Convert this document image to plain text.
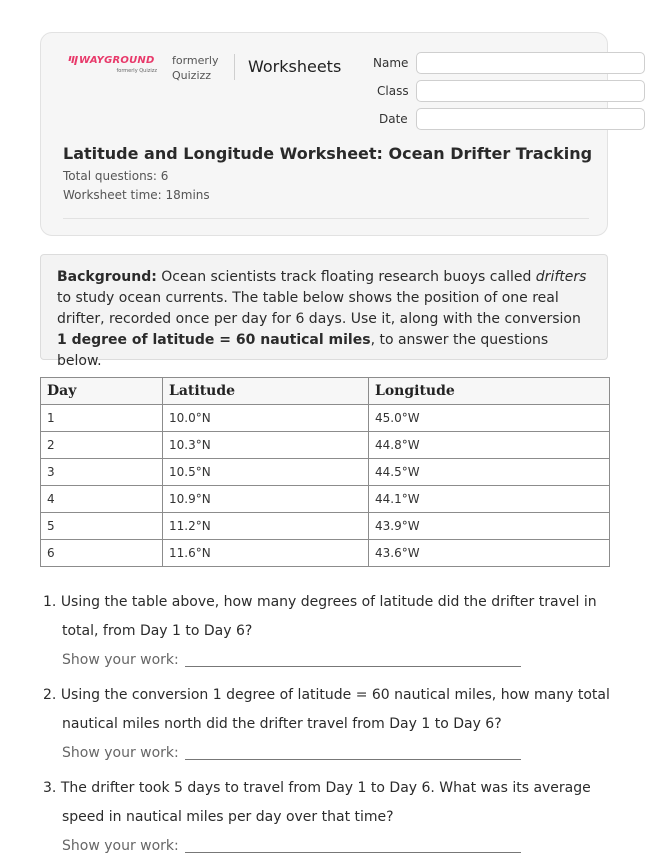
WAYGROUND
formerly Quizizz
formerly
Quizizz	Worksheets	Name
Class
Date
Latitude and Longitude Worksheet: Ocean Drifter Tracking
Total questions: 6
Worksheet time: 18mins
Background: Ocean scientists track floating research buoys called drifters to study ocean currents. The table below shows the position of one real drifter, recorded once per day for 6 days. Use it, along with the conversion 1 degree of latitude = 60 nautical miles, to answer the questions below.
Day	Latitude	Longitude
1	10.0°N	45.0°W
2	10.3°N	44.8°W
3	10.5°N	44.5°W
4	10.9°N	44.1°W
5	11.2°N	43.9°W
6	11.6°N	43.6°W
1. Using the table above, how many degrees of latitude did the drifter travel in total, from Day 1 to Day 6?
Show your work:
2. Using the conversion 1 degree of latitude = 60 nautical miles, how many total nautical miles north did the drifter travel from Day 1 to Day 6?
Show your work:
3. The drifter took 5 days to travel from Day 1 to Day 6. What was its average speed in nautical miles per day over that time?
Show your work:
